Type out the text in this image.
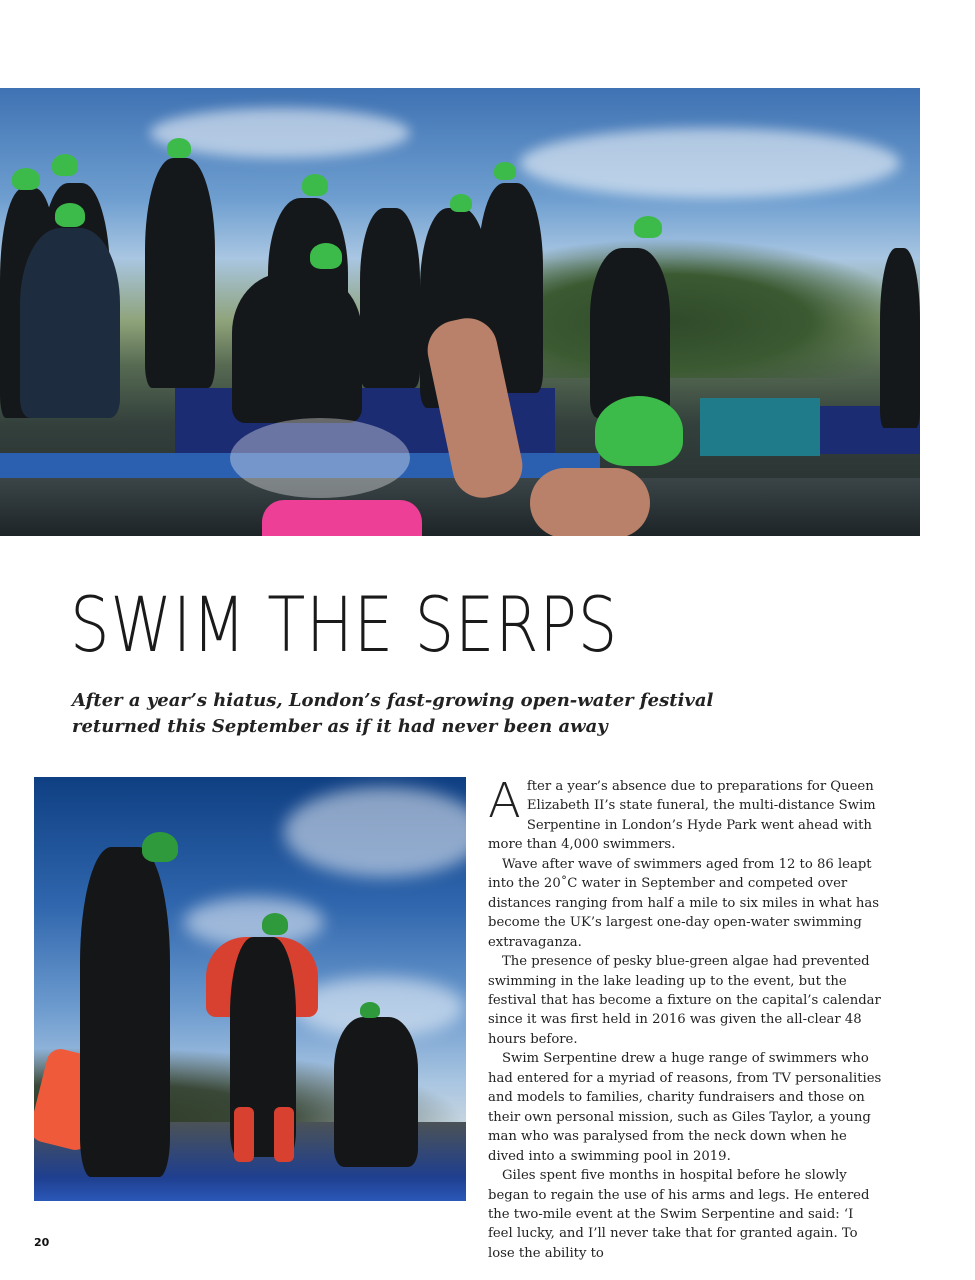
SWIM THE SERPS

After a year’s hiatus, London’s fast-growing open-water festival returned this September as if it had never been away

After a year’s absence due to preparations for Queen Elizabeth II’s state funeral, the multi-distance Swim Serpentine in London’s Hyde Park went ahead with more than 4,000 swimmers.

Wave after wave of swimmers aged from 12 to 86 leapt into the 20˚C water in September and competed over distances ranging from half a mile to six miles in what has become the UK’s largest one-day open-water swimming extravaganza.

The presence of pesky blue-green algae had prevented swimming in the lake leading up to the event, but the festival that has become a fixture on the capital’s calendar since it was first held in 2016 was given the all-clear 48 hours before.

Swim Serpentine drew a huge range of swimmers who had entered for a myriad of reasons, from TV personalities and models to families, charity fundraisers and those on their own personal mission, such as Giles Taylor, a young man who was paralysed from the neck down when he dived into a swimming pool in 2019.

Giles spent five months in hospital before he slowly began to regain the use of his arms and legs. He entered the two-mile event at the Swim Serpentine and said: ‘I feel lucky, and I’ll never take that for granted again. To lose the ability to

20
